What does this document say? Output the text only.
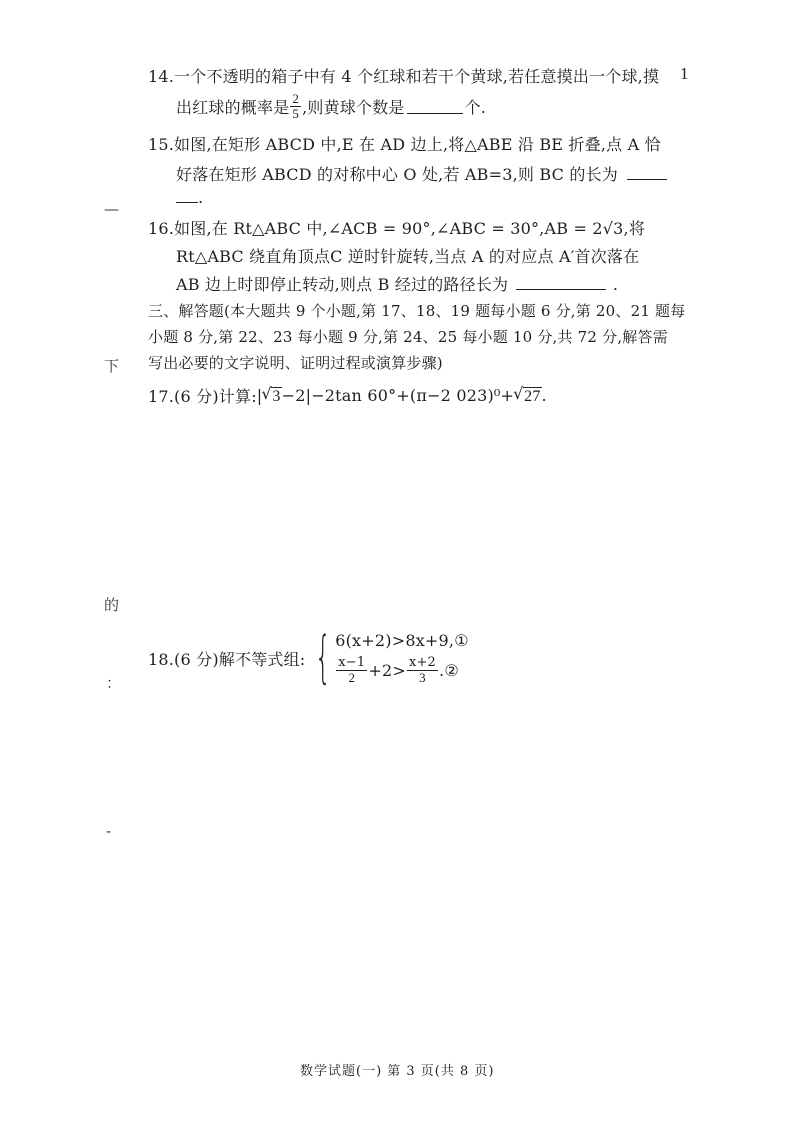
1
—
下
的
：
-
14.一个不透明的箱子中有 4 个红球和若干个黄球,若任意摸出一个球,摸
出红球的概率是 $\frac{2}{5}$ ,则黄球个数是	个.
15.如图,在矩形 ABCD 中,E 在 AD 边上,将△ABE 沿 BE 折叠,点 A 恰
好落在矩形 ABCD 的对称中心 O 处,若 AB=3,则 BC 的长为
.
16.如图,在 Rt△ABC 中,∠ACB = 90°,∠ABC = 30°,AB = 2√3,将
Rt△ABC 绕直角顶点C 逆时针旋转,当点 A 的对应点 A′首次落在
AB 边上时即停止转动,则点 B 经过的路径长为	.
三、解答题(本大题共 9 个小题,第 17、18、19 题每小题 6 分,第 20、21 题每
小题 8 分,第 22、23 每小题 9 分,第 24、25 每小题 10 分,共 72 分,解答需
写出必要的文字说明、证明过程或演算步骤)
17.(6 分)计算: | √ 3 −2 | −2tan 60°+(π−2 023)⁰+ √ 27 .
18.(6 分)解不等式组: { 6(x+2)>8x+9,①
$\frac{x-1}{2} +2> \frac{x+2}{3}$ .②
数学试题(一) 第 3 页(共 8 页)
